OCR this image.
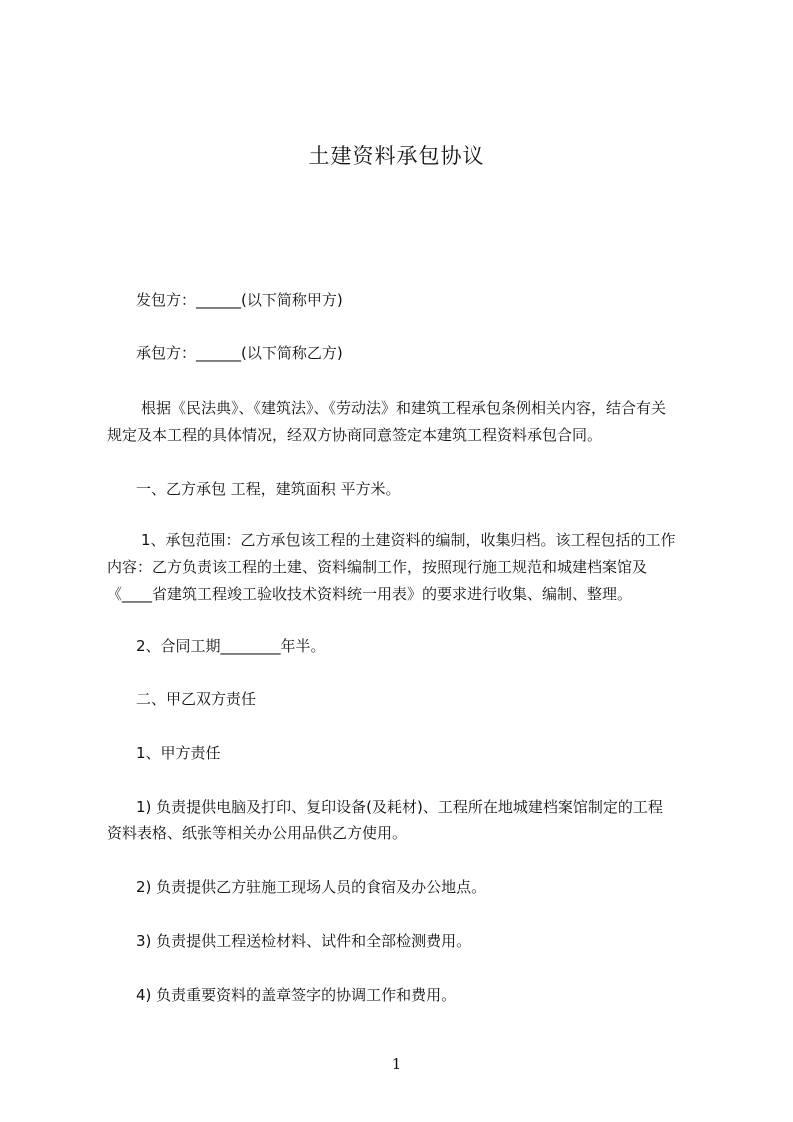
土建资料承包协议
发包方：______(以下简称甲方)
承包方：______(以下简称乙方)
根据《民法典》、《建筑法》、《劳动法》和建筑工程承包条例相关内容，结合有关
规定及本工程的具体情况，经双方协商同意签定本建筑工程资料承包合同。
一、乙方承包 工程，建筑面积 平方米。
1、承包范围：乙方承包该工程的土建资料的编制，收集归档。该工程包括的工作
内容：乙方负责该工程的土建、资料编制工作，按照现行施工规范和城建档案馆及
《____省建筑工程竣工验收技术资料统一用表》的要求进行收集、编制、整理。
2、合同工期________年半。
二、甲乙双方责任
1、甲方责任
1) 负责提供电脑及打印、复印设备(及耗材)、工程所在地城建档案馆制定的工程
资料表格、纸张等相关办公用品供乙方使用。
2) 负责提供乙方驻施工现场人员的食宿及办公地点。
3) 负责提供工程送检材料、试件和全部检测费用。
4) 负责重要资料的盖章签字的协调工作和费用。
1
